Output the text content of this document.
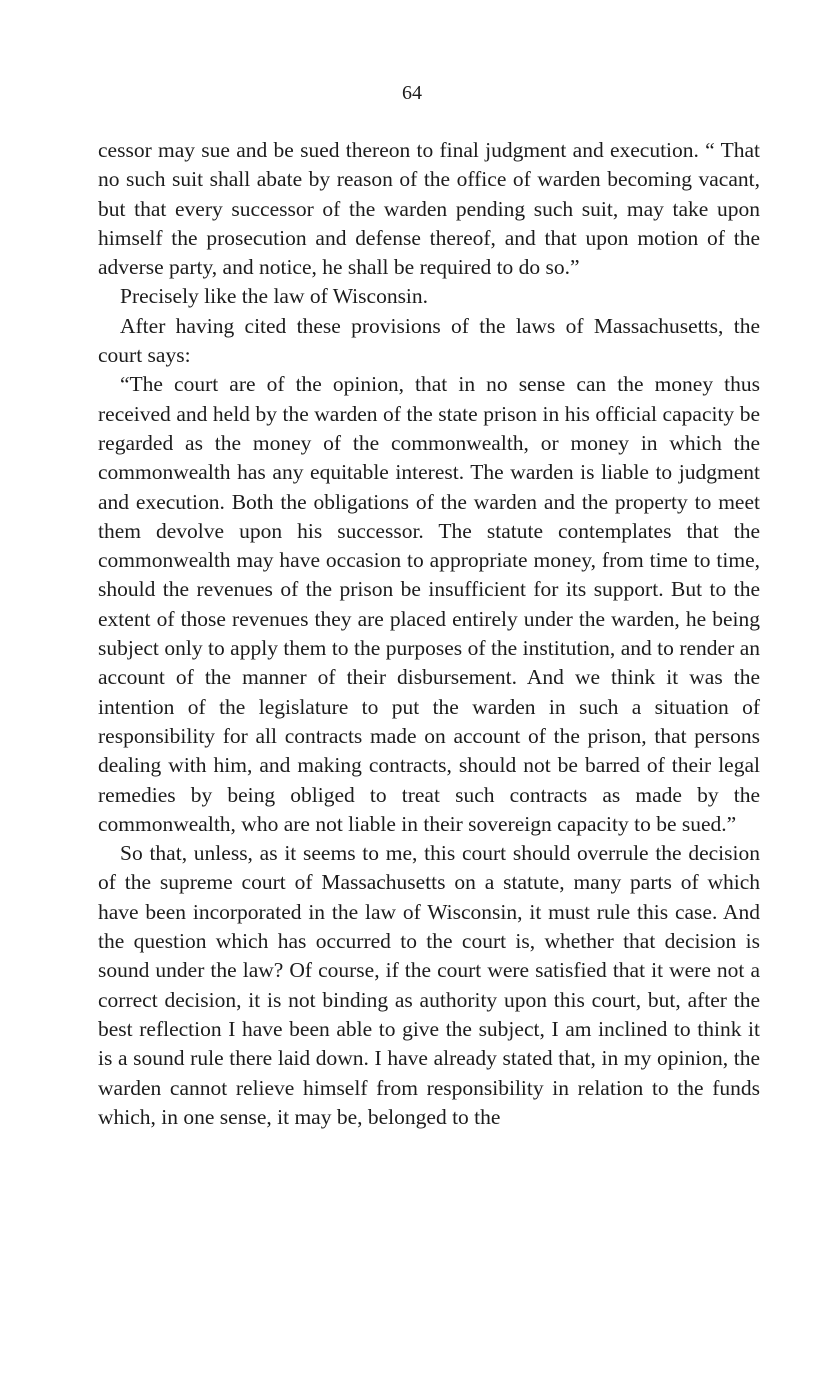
64

cessor may sue and be sued thereon to final judgment and execution. “ That no such suit shall abate by reason of the office of warden becoming vacant, but that every successor of the warden pending such suit, may take upon himself the prosecution and defense thereof, and that upon motion of the adverse party, and notice, he shall be required to do so.”

Precisely like the law of Wisconsin.

After having cited these provisions of the laws of Massachusetts, the court says:

“The court are of the opinion, that in no sense can the money thus received and held by the warden of the state prison in his official capacity be regarded as the money of the commonwealth, or money in which the commonwealth has any equitable interest. The warden is liable to judgment and execution. Both the obligations of the warden and the property to meet them devolve upon his successor. The statute contemplates that the commonwealth may have occasion to appropriate money, from time to time, should the revenues of the prison be insufficient for its support. But to the extent of those revenues they are placed entirely under the warden, he being subject only to apply them to the purposes of the institution, and to render an account of the manner of their disbursement. And we think it was the intention of the legislature to put the warden in such a situation of responsibility for all contracts made on account of the prison, that persons dealing with him, and making contracts, should not be barred of their legal remedies by being obliged to treat such contracts as made by the commonwealth, who are not liable in their sovereign capacity to be sued.”

So that, unless, as it seems to me, this court should overrule the decision of the supreme court of Massachusetts on a statute, many parts of which have been incorporated in the law of Wisconsin, it must rule this case. And the question which has occurred to the court is, whether that decision is sound under the law? Of course, if the court were satisfied that it were not a correct decision, it is not binding as authority upon this court, but, after the best reflection I have been able to give the subject, I am inclined to think it is a sound rule there laid down. I have already stated that, in my opinion, the warden cannot relieve himself from responsibility in relation to the funds which, in one sense, it may be, belonged to the
